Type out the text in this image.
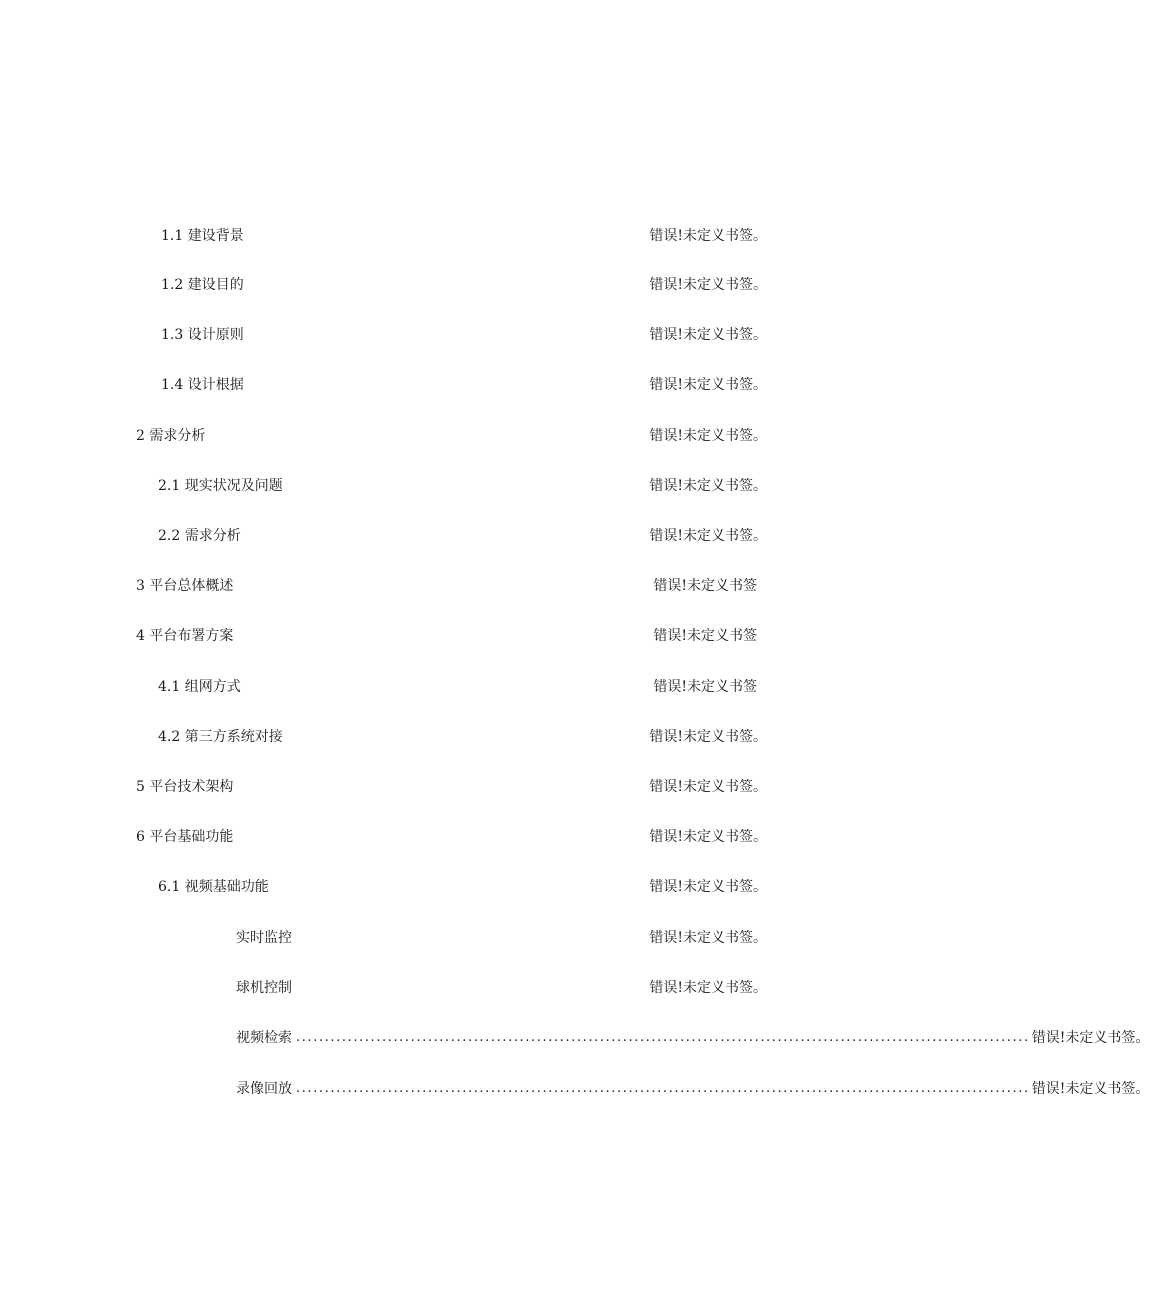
1.1 建设背景	错误!未定义书签。
1.2 建设目的	错误!未定义书签。
1.3 设计原则	错误!未定义书签。
1.4 设计根据	错误!未定义书签。
2 需求分析	错误!未定义书签。
2.1 现实状况及问题	错误!未定义书签。
2.2 需求分析	错误!未定义书签。
3 平台总体概述	错误!未定义书签
4 平台布署方案	错误!未定义书签
4.1 组网方式	错误!未定义书签
4.2 第三方系统对接	错误!未定义书签。
5 平台技术架构	错误!未定义书签。
6 平台基础功能	错误!未定义书签。
6.1 视频基础功能	错误!未定义书签。
实时监控	错误!未定义书签。
球机控制	错误!未定义书签。
视频检索 ................................................................................................................................ 错误!未定义书签。
录像回放 ................................................................................................................................ 错误!未定义书签。
